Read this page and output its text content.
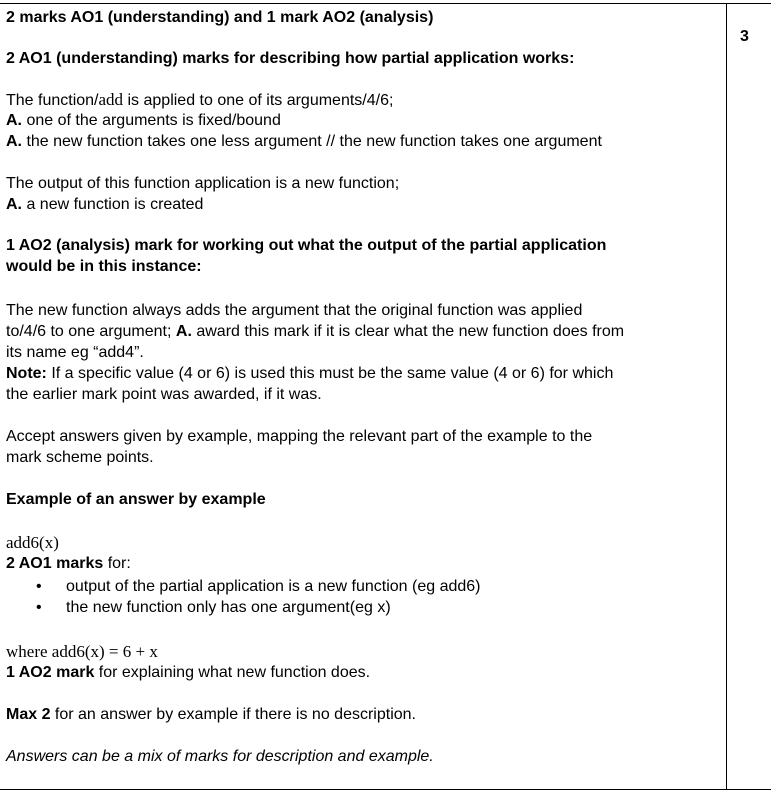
3
2 marks AO1 (understanding) and 1 mark AO2 (analysis)
2 AO1 (understanding) marks for describing how partial application works:
The function/add is applied to one of its arguments/4/6;
A. one of the arguments is fixed/bound
A. the new function takes one less argument // the new function takes one argument
The output of this function application is a new function;
A. a new function is created
1 AO2 (analysis) mark for working out what the output of the partial application
would be in this instance:
The new function always adds the argument that the original function was applied
to/4/6 to one argument; A. award this mark if it is clear what the new function does from
its name eg “add4”.
Note: If a specific value (4 or 6) is used this must be the same value (4 or 6) for which
the earlier mark point was awarded, if it was.
Accept answers given by example, mapping the relevant part of the example to the
mark scheme points.
Example of an answer by example
add6(x)
2 AO1 marks for:
• output of the partial application is a new function (eg add6)
• the new function only has one argument(eg x)
where add6(x) = 6 + x
1 AO2 mark for explaining what new function does.
Max 2 for an answer by example if there is no description.
Answers can be a mix of marks for description and example.
